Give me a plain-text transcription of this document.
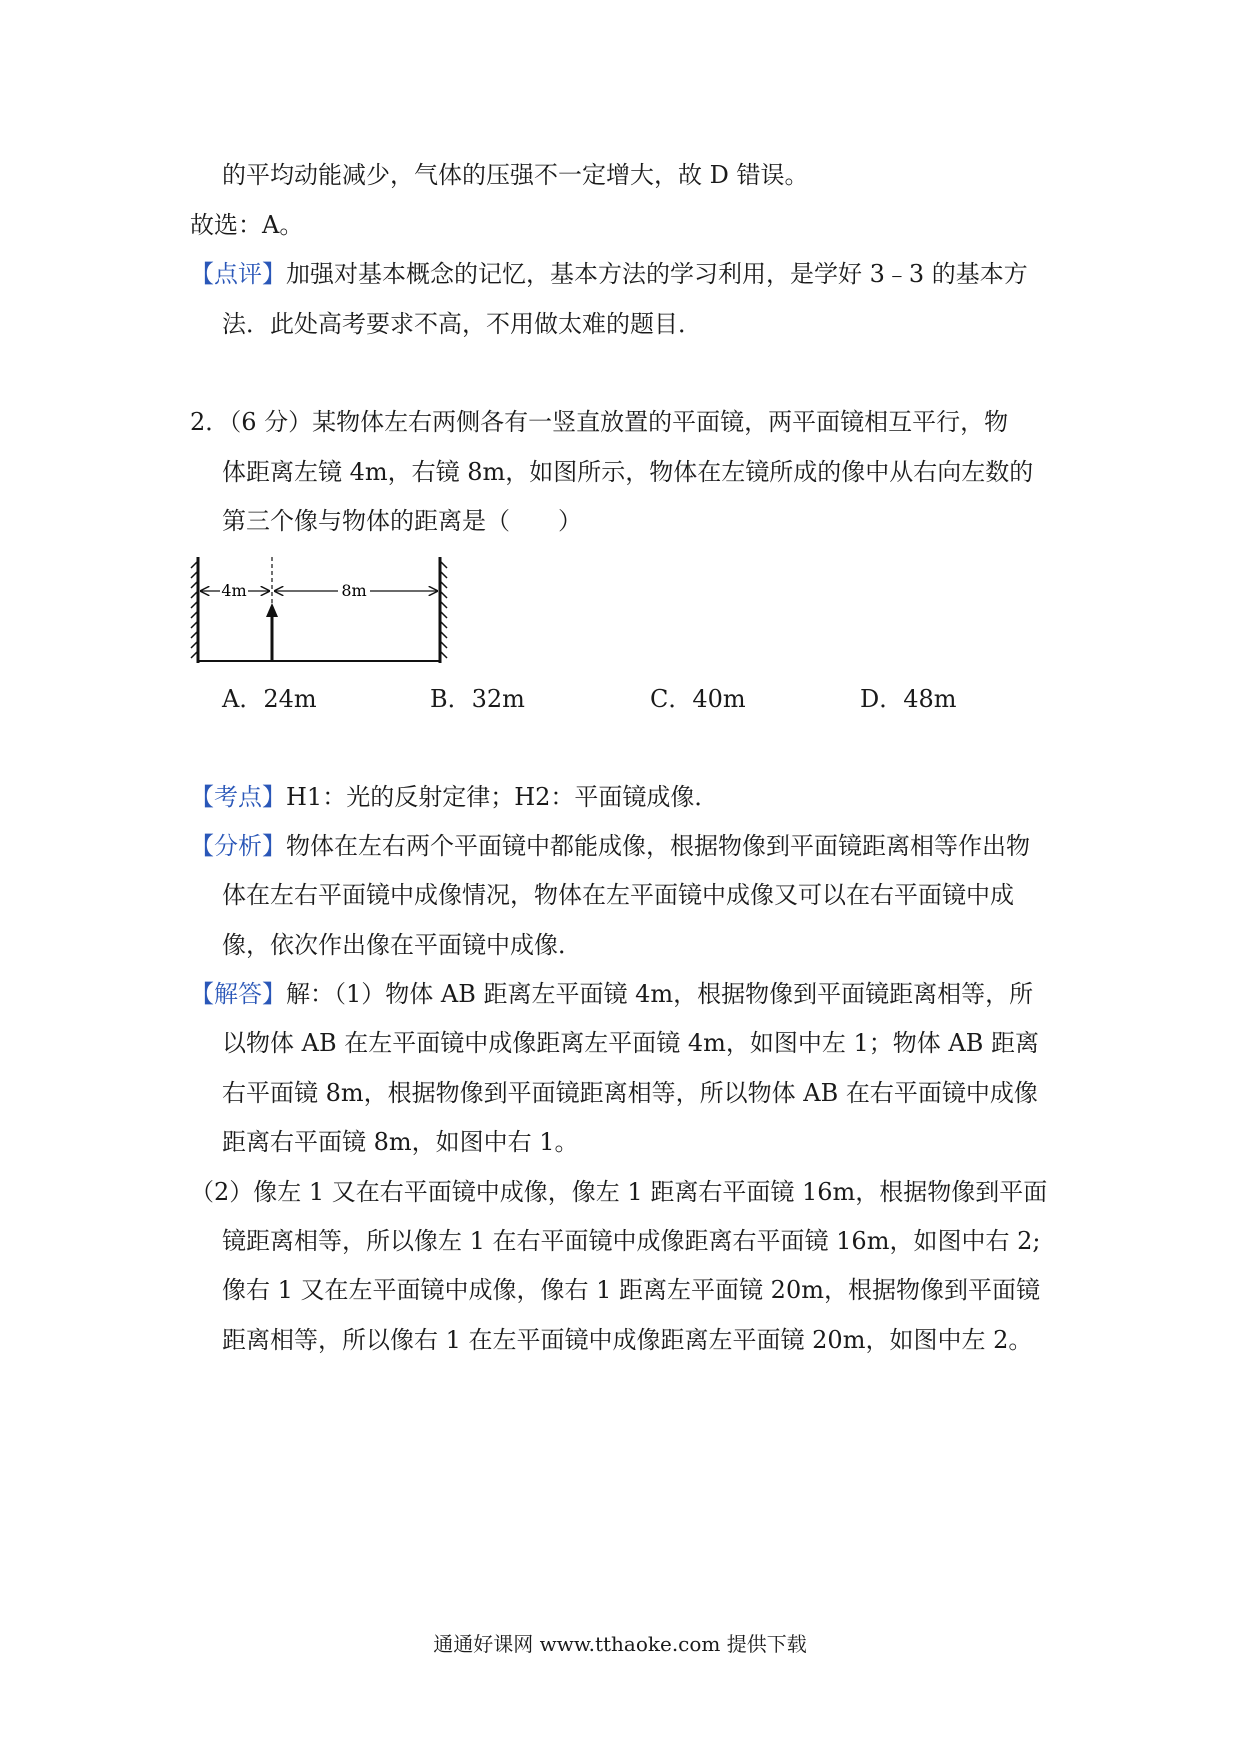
的平均动能减少，气体的压强不一定增大，故 D 错误。
故选：A。
【点评】加强对基本概念的记忆，基本方法的学习利用，是学好 3﹣3 的基本方
法．此处高考要求不高，不用做太难的题目．
2．（6 分）某物体左右两侧各有一竖直放置的平面镜，两平面镜相互平行，物
体距离左镜 4m，右镜 8m，如图所示，物体在左镜所成的像中从右向左数的
第三个像与物体的距离是（　　）
4m	8m
A．24m	B．32m	C．40m	D．48m
【考点】H1：光的反射定律；H2：平面镜成像．
【分析】物体在左右两个平面镜中都能成像，根据物像到平面镜距离相等作出物
体在左右平面镜中成像情况，物体在左平面镜中成像又可以在右平面镜中成
像，依次作出像在平面镜中成像．
【解答】解：（1）物体 AB 距离左平面镜 4m，根据物像到平面镜距离相等，所
以物体 AB 在左平面镜中成像距离左平面镜 4m，如图中左 1；物体 AB 距离
右平面镜 8m，根据物像到平面镜距离相等，所以物体 AB 在右平面镜中成像
距离右平面镜 8m，如图中右 1。
（2）像左 1 又在右平面镜中成像，像左 1 距离右平面镜 16m，根据物像到平面
镜距离相等，所以像左 1 在右平面镜中成像距离右平面镜 16m，如图中右 2;
像右 1 又在左平面镜中成像，像右 1 距离左平面镜 20m，根据物像到平面镜
距离相等，所以像右 1 在左平面镜中成像距离左平面镜 20m，如图中左 2。
通通好课网 www.tthaoke.com 提供下载
